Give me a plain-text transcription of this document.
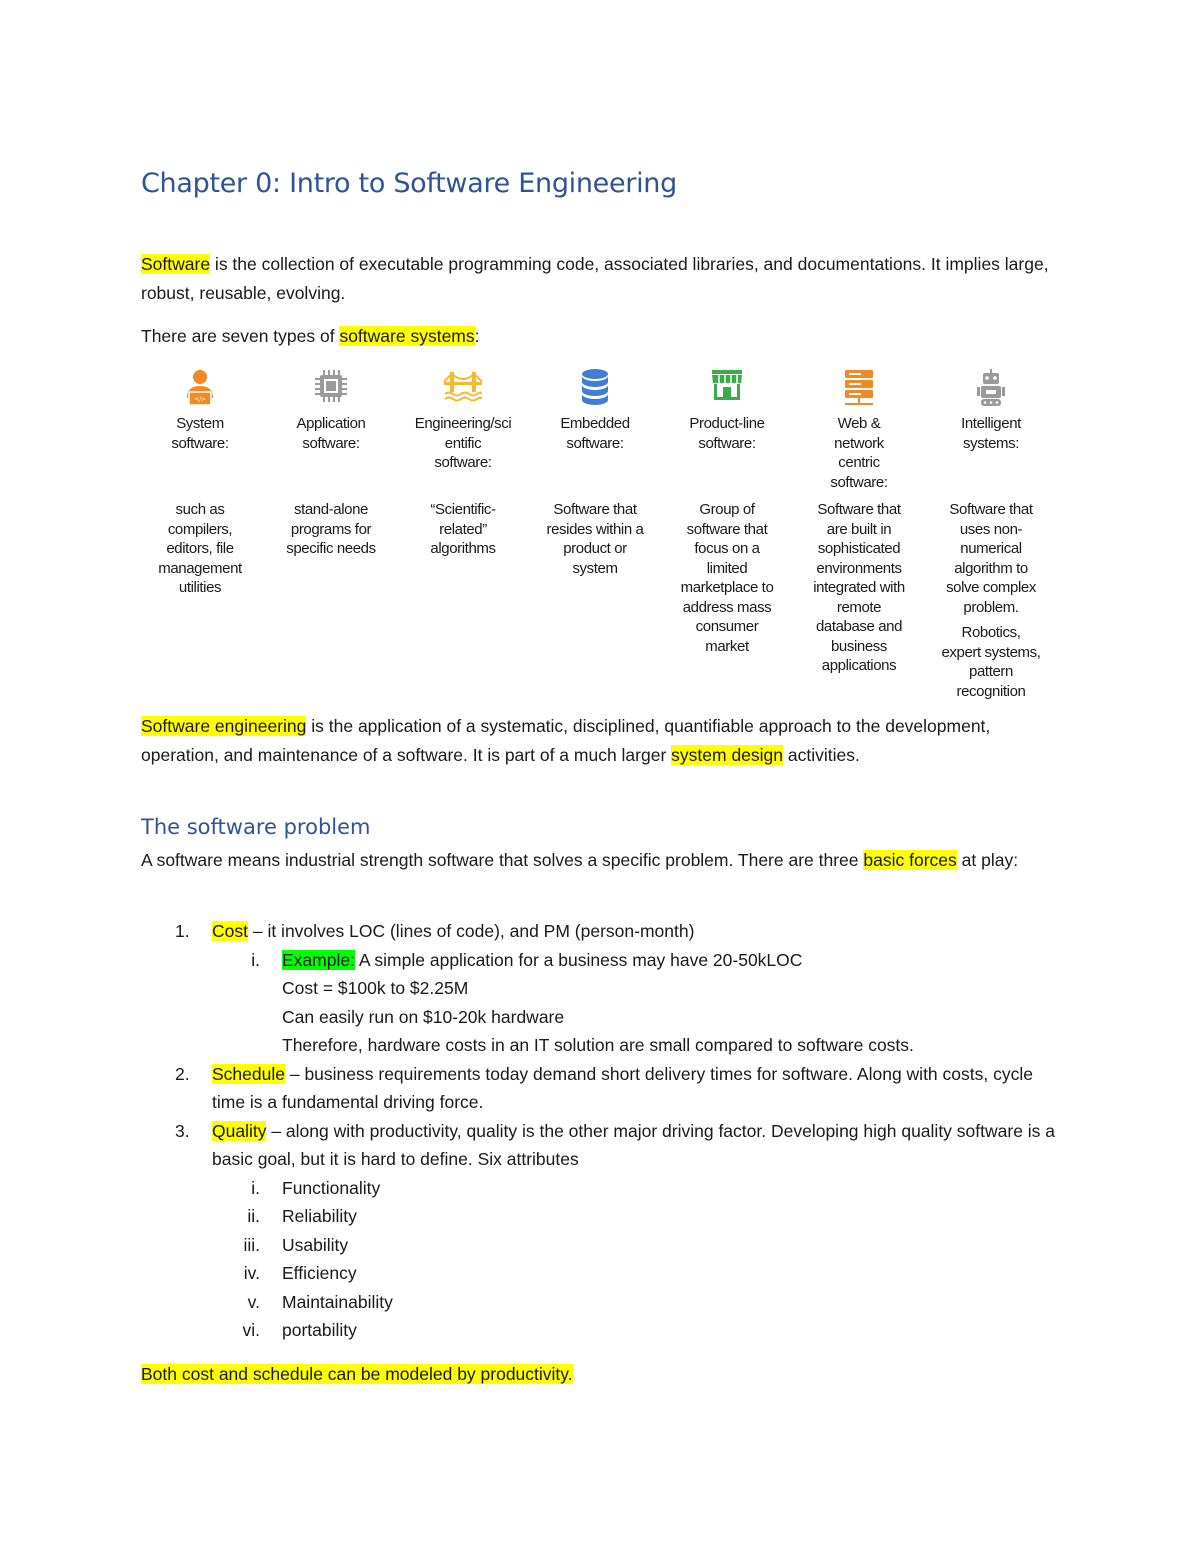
Chapter 0: Intro to Software Engineering

Software is the collection of executable programming code, associated libraries, and documentations. It implies large, robust, reusable, evolving.

There are seven types of software systems:

</>
System
software:
such as
compilers,
editors, file
management
utilities
Application
software:
stand-alone
programs for
specific needs
Engineering/sci
entific
software:
“Scientific-
related”
algorithms
Embedded
software:
Software that
resides within a
product or
system
Product-line
software:
Group of
software that
focus on a
limited
marketplace to
address mass
consumer
market
Web &
network
centric
software:
Software that
are built in
sophisticated
environments
integrated with
remote
database and
business
applications
Intelligent
systems:
Software that
uses non-
numerical
algorithm to
solve complex
problem.
Robotics,
expert systems,
pattern
recognition

Software engineering is the application of a systematic, disciplined, quantifiable approach to the development, operation, and maintenance of a software. It is part of a much larger system design activities.

The software problem

A software means industrial strength software that solves a specific problem. There are three basic forces at play:

1. Cost – it involves LOC (lines of code), and PM (person-month)
i. Example: A simple application for a business may have 20-50kLOC
Cost = $100k to $2.25M
Can easily run on $10-20k hardware
Therefore, hardware costs in an IT solution are small compared to software costs.
2. Schedule – business requirements today demand short delivery times for software. Along with costs, cycle time is a fundamental driving force.
3. Quality – along with productivity, quality is the other major driving factor. Developing high quality software is a basic goal, but it is hard to define. Six attributes
i. Functionality
ii. Reliability
iii. Usability
iv. Efficiency
v. Maintainability
vi. portability

Both cost and schedule can be modeled by productivity.
